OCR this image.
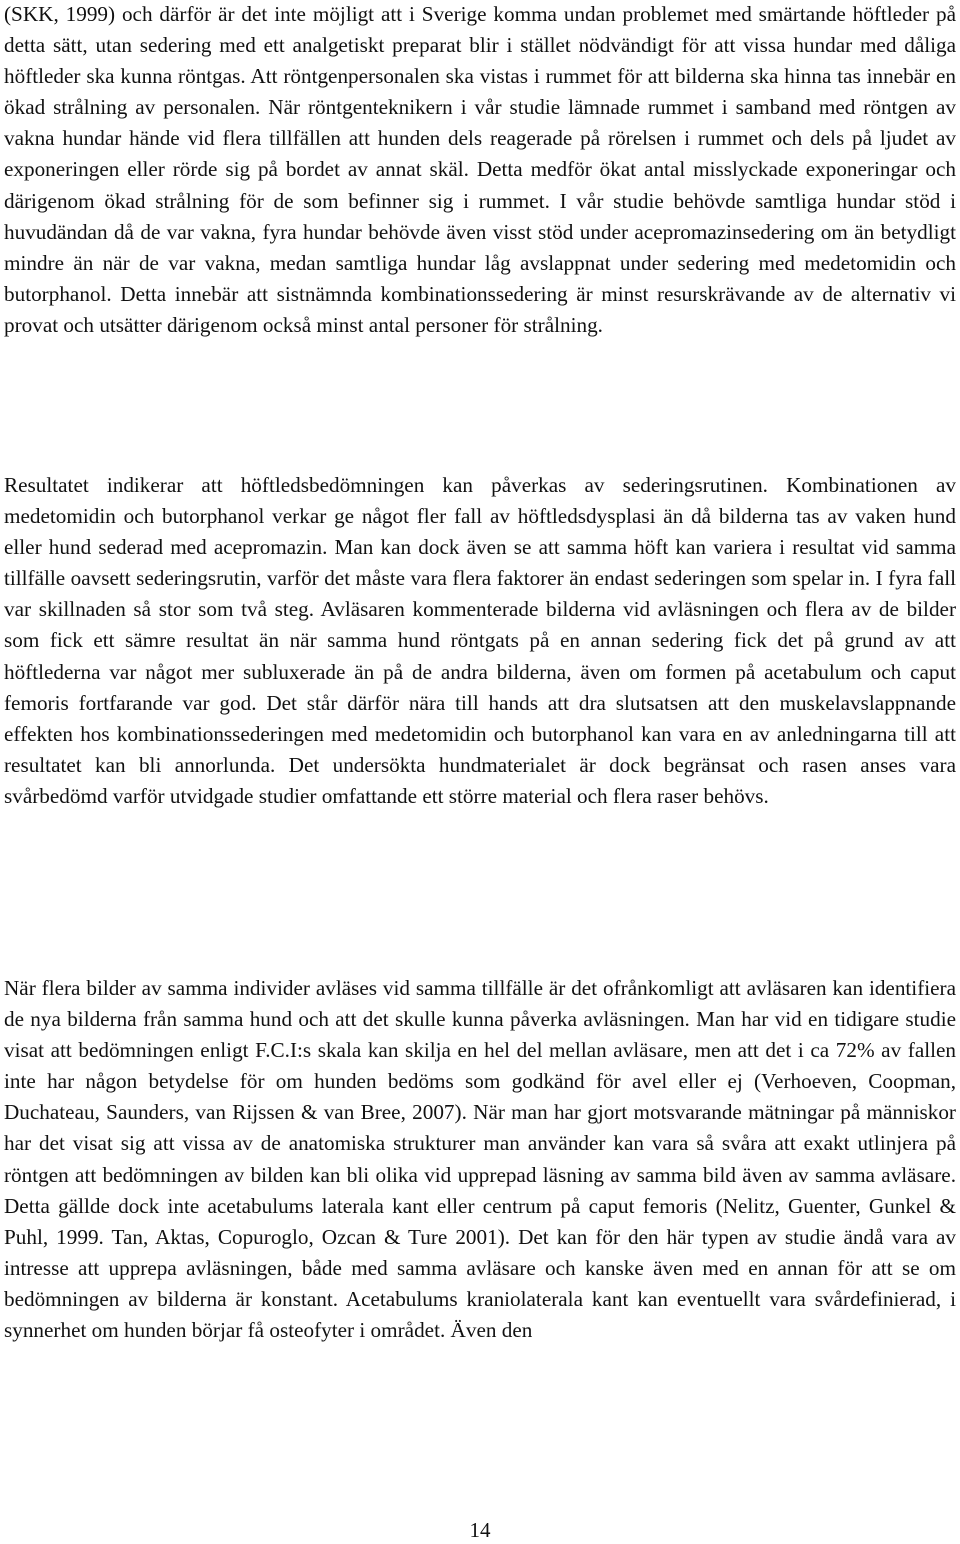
(SKK, 1999) och därför är det inte möjligt att i Sverige komma undan problemet med smärtande höftleder på detta sätt, utan sedering med ett analgetiskt preparat blir i stället nödvändigt för att vissa hundar med dåliga höftleder ska kunna röntgas. Att röntgenpersonalen ska vistas i rummet för att bilderna ska hinna tas innebär en ökad strålning av personalen. När röntgenteknikern i vår studie lämnade rummet i samband med röntgen av vakna hundar hände vid flera tillfällen att hunden dels reagerade på rörelsen i rummet och dels på ljudet av exponeringen eller rörde sig på bordet av annat skäl. Detta medför ökat antal misslyckade exponeringar och därigenom ökad strålning för de som befinner sig i rummet. I vår studie behövde samtliga hundar stöd i huvudändan då de var vakna, fyra hundar behövde även visst stöd under acepromazinsedering om än betydligt mindre än när de var vakna, medan samtliga hundar låg avslappnat under sedering med medetomidin och butorphanol. Detta innebär att sistnämnda kombinationssedering är minst resurskrävande av de alternativ vi provat och utsätter därigenom också minst antal personer för strålning.

Resultatet indikerar att höftledsbedömningen kan påverkas av sederingsrutinen. Kombinationen av medetomidin och butorphanol verkar ge något fler fall av höftledsdysplasi än då bilderna tas av vaken hund eller hund sederad med acepromazin. Man kan dock även se att samma höft kan variera i resultat vid samma tillfälle oavsett sederingsrutin, varför det måste vara flera faktorer än endast sederingen som spelar in. I fyra fall var skillnaden så stor som två steg. Avläsaren kommenterade bilderna vid avläsningen och flera av de bilder som fick ett sämre resultat än när samma hund röntgats på en annan sedering fick det på grund av att höftlederna var något mer subluxerade än på de andra bilderna, även om formen på acetabulum och caput femoris fortfarande var god. Det står därför nära till hands att dra slutsatsen att den muskelavslappnande effekten hos kombinationssederingen med medetomidin och butorphanol kan vara en av anledningarna till att resultatet kan bli annorlunda. Det undersökta hundmaterialet är dock begränsat och rasen anses vara svårbedömd varför utvidgade studier omfattande ett större material och flera raser behövs.

När flera bilder av samma individer avläses vid samma tillfälle är det ofrånkomligt att avläsaren kan identifiera de nya bilderna från samma hund och att det skulle kunna påverka avläsningen. Man har vid en tidigare studie visat att bedömningen enligt F.C.I:s skala kan skilja en hel del mellan avläsare, men att det i ca 72% av fallen inte har någon betydelse för om hunden bedöms som godkänd för avel eller ej (Verhoeven, Coopman, Duchateau, Saunders, van Rijssen & van Bree, 2007). När man har gjort motsvarande mätningar på människor har det visat sig att vissa av de anatomiska strukturer man använder kan vara så svåra att exakt utlinjera på röntgen att bedömningen av bilden kan bli olika vid upprepad läsning av samma bild även av samma avläsare. Detta gällde dock inte acetabulums laterala kant eller centrum på caput femoris (Nelitz, Guenter, Gunkel & Puhl, 1999. Tan, Aktas, Copuroglo, Ozcan & Ture 2001). Det kan för den här typen av studie ändå vara av intresse att upprepa avläsningen, både med samma avläsare och kanske även med en annan för att se om bedömningen av bilderna är konstant. Acetabulums kraniolaterala kant kan eventuellt vara svårdefinierad, i synnerhet om hunden börjar få osteofyter i området. Även den

14
